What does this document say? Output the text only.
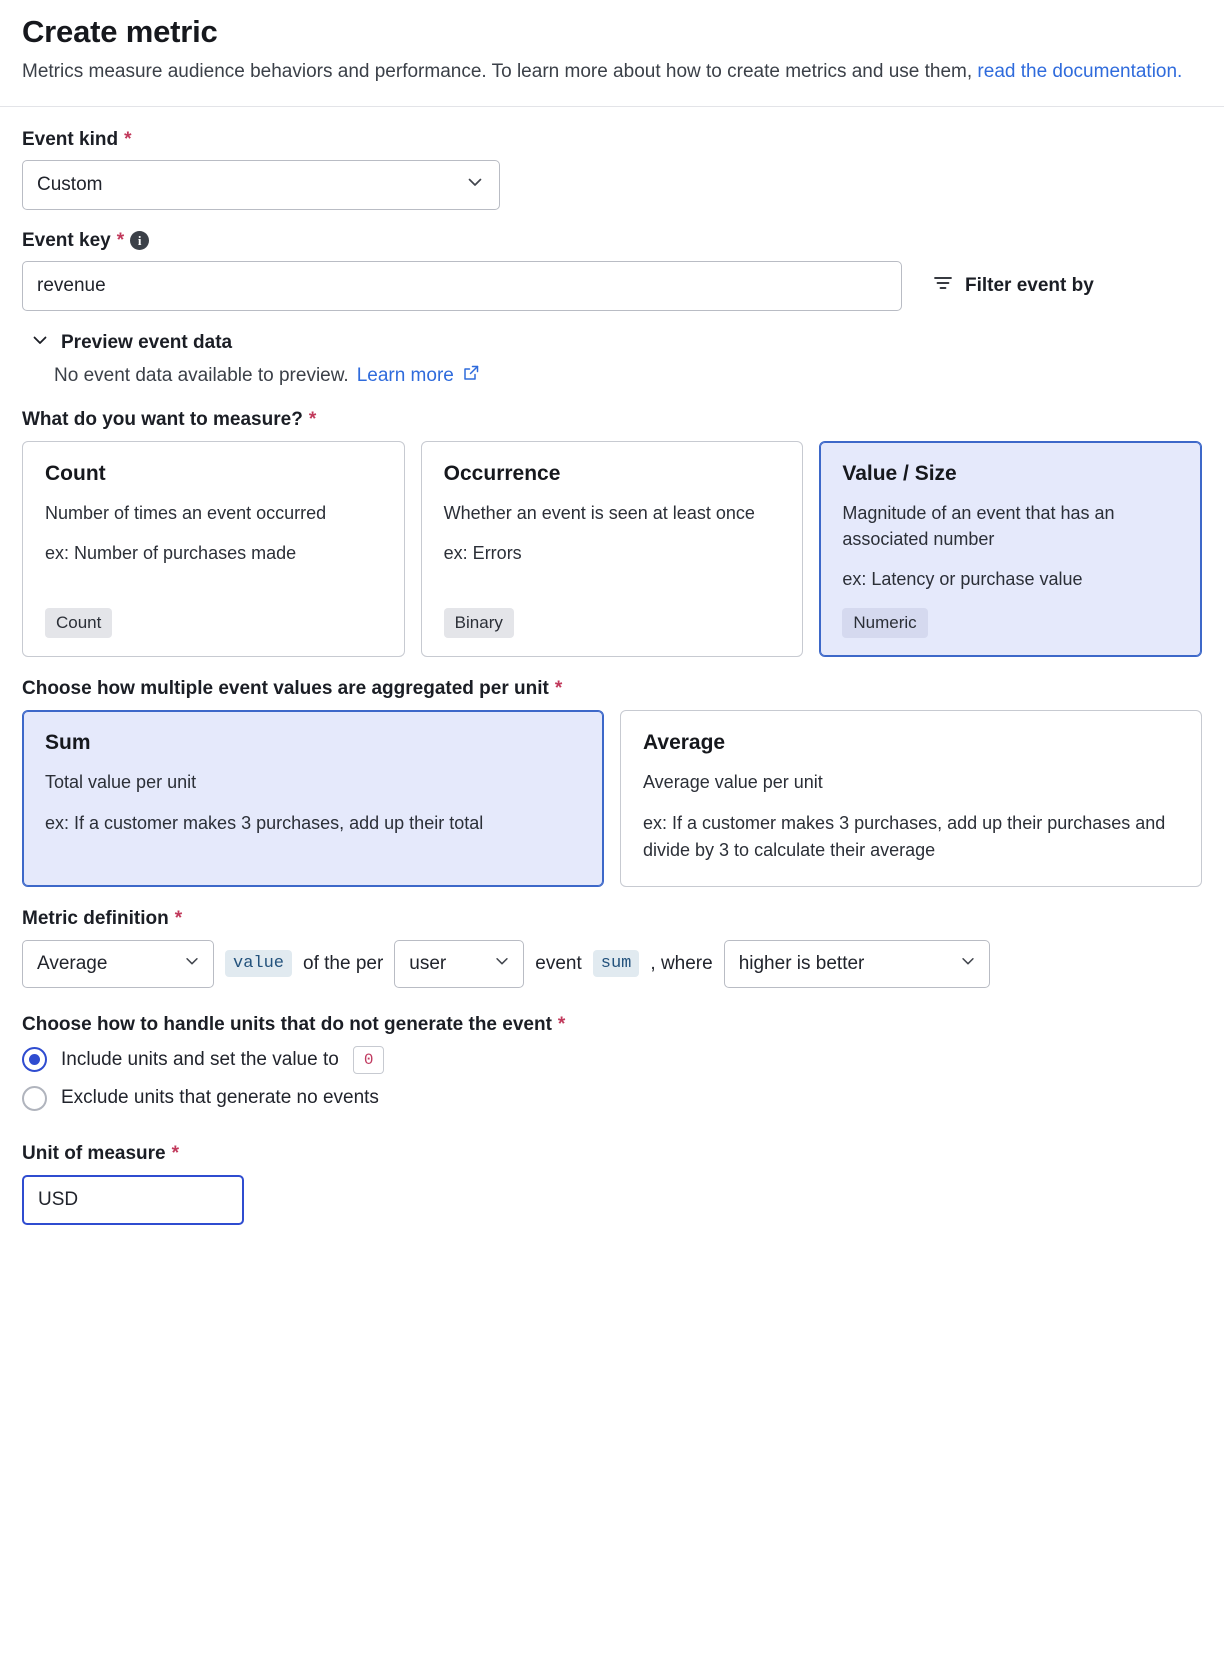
Create metric
Metrics measure audience behaviors and performance. To learn more about how to create metrics and use them, read the documentation.
Event kind *
Custom
Event key *	i
revenue	Filter event by
Preview event data
No event data available to preview. Learn more
What do you want to measure? *
Count

Number of times an event occurred

ex: Number of purchases made

Count
Occurrence

Whether an event is seen at least once

ex: Errors

Binary
Value / Size

Magnitude of an event that has an associated number

ex: Latency or purchase value

Numeric
Choose how multiple event values are aggregated per unit *
Sum

Total value per unit

ex: If a customer makes 3 purchases, add up their total

Average

Average value per unit

ex: If a customer makes 3 purchases, add up their purchases and divide by 3 to calculate their average

Metric definition *
Average	value	of the per user	event	sum	, where higher is better
Choose how to handle units that do not generate the event *
Include units and set the value to	0
Exclude units that generate no events
Unit of measure *
USD
